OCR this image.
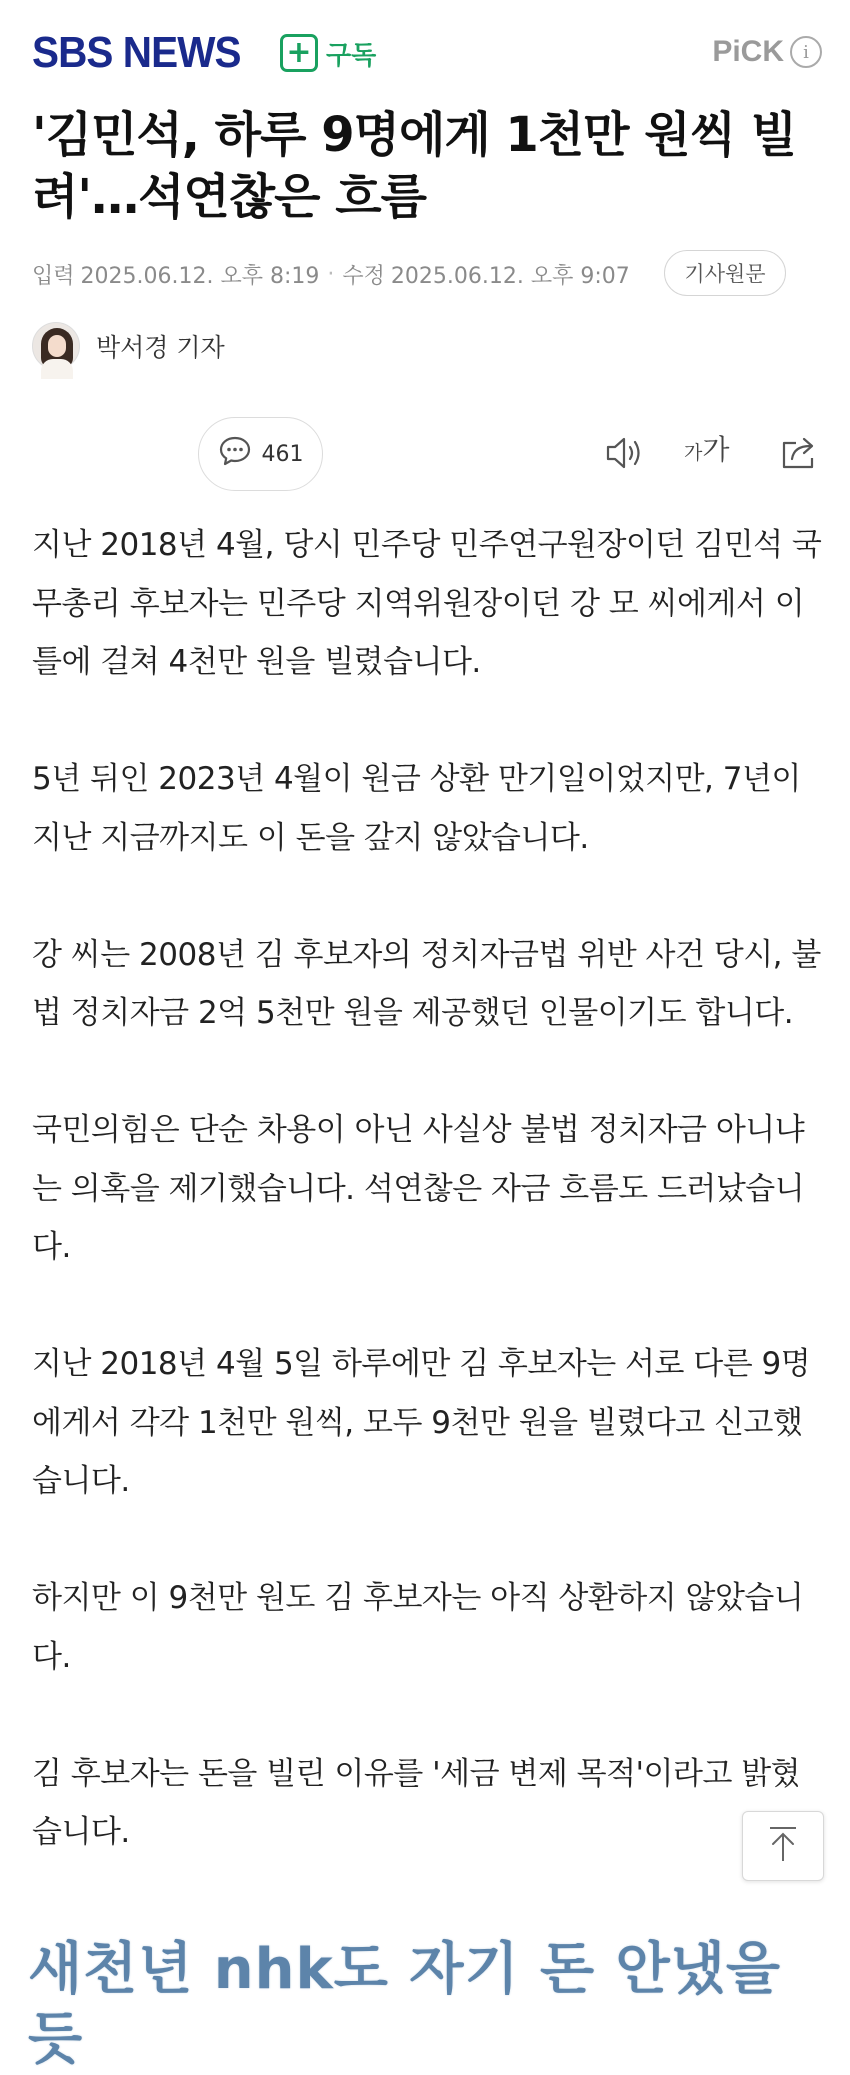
SBS NEWS + 구독	PiCK	i
'김민석, 하루 9명에게 1천만 원씩 빌려'…석연찮은 흐름
입력 2025.06.12. 오후 8:19 · 수정 2025.06.12. 오후 9:07	기사원문
박서경 기자
461	가 가

지난 2018년 4월, 당시 민주당 민주연구원장이던 김민석 국무총리 후보자는 민주당 지역위원장이던 강 모 씨에게서 이틀에 걸쳐 4천만 원을 빌렸습니다.

5년 뒤인 2023년 4월이 원금 상환 만기일이었지만, 7년이 지난 지금까지도 이 돈을 갚지 않았습니다.

강 씨는 2008년 김 후보자의 정치자금법 위반 사건 당시, 불법 정치자금 2억 5천만 원을 제공했던 인물이기도 합니다.

국민의힘은 단순 차용이 아닌 사실상 불법 정치자금 아니냐는 의혹을 제기했습니다. 석연찮은 자금 흐름도 드러났습니다.

지난 2018년 4월 5일 하루에만 김 후보자는 서로 다른 9명에게서 각각 1천만 원씩, 모두 9천만 원을 빌렸다고 신고했습니다.

하지만 이 9천만 원도 김 후보자는 아직 상환하지 않았습니다.

김 후보자는 돈을 빌린 이유를 '세금 변제 목적'이라고 밝혔습니다.

새천년 nhk도 자기 돈 안냈을듯
